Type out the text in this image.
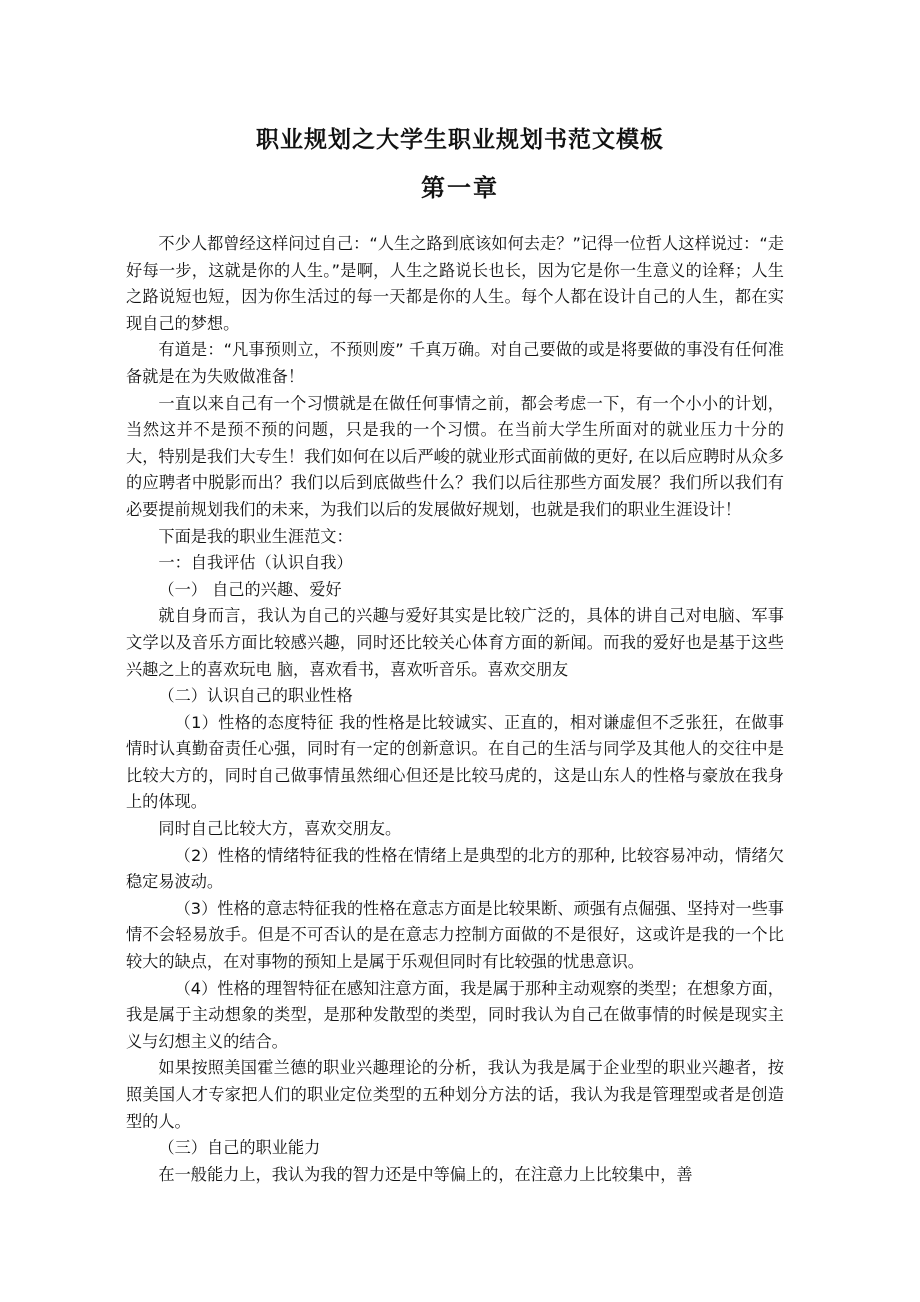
职业规划之大学生职业规划书范文模板
第一章

不少人都曾经这样问过自己：“人生之路到底该如何去走？”记得一位哲人这样说过：“走好每一步，这就是你的人生。”是啊，人生之路说长也长，因为它是你一生意义的诠释；人生之路说短也短，因为你生活过的每一天都是你的人生。每个人都在设计自己的人生，都在实现自己的梦想。

有道是：“凡事预则立，不预则废” 千真万确。对自己要做的或是将要做的事没有任何准备就是在为失败做准备！

一直以来自己有一个习惯就是在做任何事情之前，都会考虑一下，有一个小小的计划，当然这并不是预不预的问题，只是我的一个习惯。在当前大学生所面对的就业压力十分的大，特别是我们大专生！我们如何在以后严峻的就业形式面前做的更好, 在以后应聘时从众多的应聘者中脱影而出？我们以后到底做些什么？我们以后往那些方面发展？我们所以我们有必要提前规划我们的未来，为我们以后的发展做好规划，也就是我们的职业生涯设计！

下面是我的职业生涯范文：

一：自我评估（认识自我）

（一） 自己的兴趣、爱好

就自身而言，我认为自己的兴趣与爱好其实是比较广泛的，具体的讲自己对电脑、军事文学以及音乐方面比较感兴趣，同时还比较关心体育方面的新闻。而我的爱好也是基于这些兴趣之上的喜欢玩电 脑，喜欢看书，喜欢听音乐。喜欢交朋友

（二）认识自己的职业性格

（1）性格的态度特征 我的性格是比较诚实、正直的，相对谦虚但不乏张狂，在做事情时认真勤奋责任心强，同时有一定的创新意识。在自己的生活与同学及其他人的交往中是比较大方的，同时自己做事情虽然细心但还是比较马虎的，这是山东人的性格与豪放在我身上的体现。

同时自己比较大方，喜欢交朋友。

（2）性格的情绪特征我的性格在情绪上是典型的北方的那种, 比较容易冲动，情绪欠稳定易波动。

（3）性格的意志特征我的性格在意志方面是比较果断、顽强有点倔强、坚持对一些事情不会轻易放手。但是不可否认的是在意志力控制方面做的不是很好，这或许是我的一个比较大的缺点，在对事物的预知上是属于乐观但同时有比较强的忧患意识。

（4）性格的理智特征在感知注意方面，我是属于那种主动观察的类型；在想象方面，我是属于主动想象的类型，是那种发散型的类型，同时我认为自己在做事情的时候是现实主义与幻想主义的结合。

如果按照美国霍兰德的职业兴趣理论的分析，我认为我是属于企业型的职业兴趣者，按照美国人才专家把人们的职业定位类型的五种划分方法的话，我认为我是管理型或者是创造型的人。

（三）自己的职业能力

在一般能力上，我认为我的智力还是中等偏上的，在注意力上比较集中，善
